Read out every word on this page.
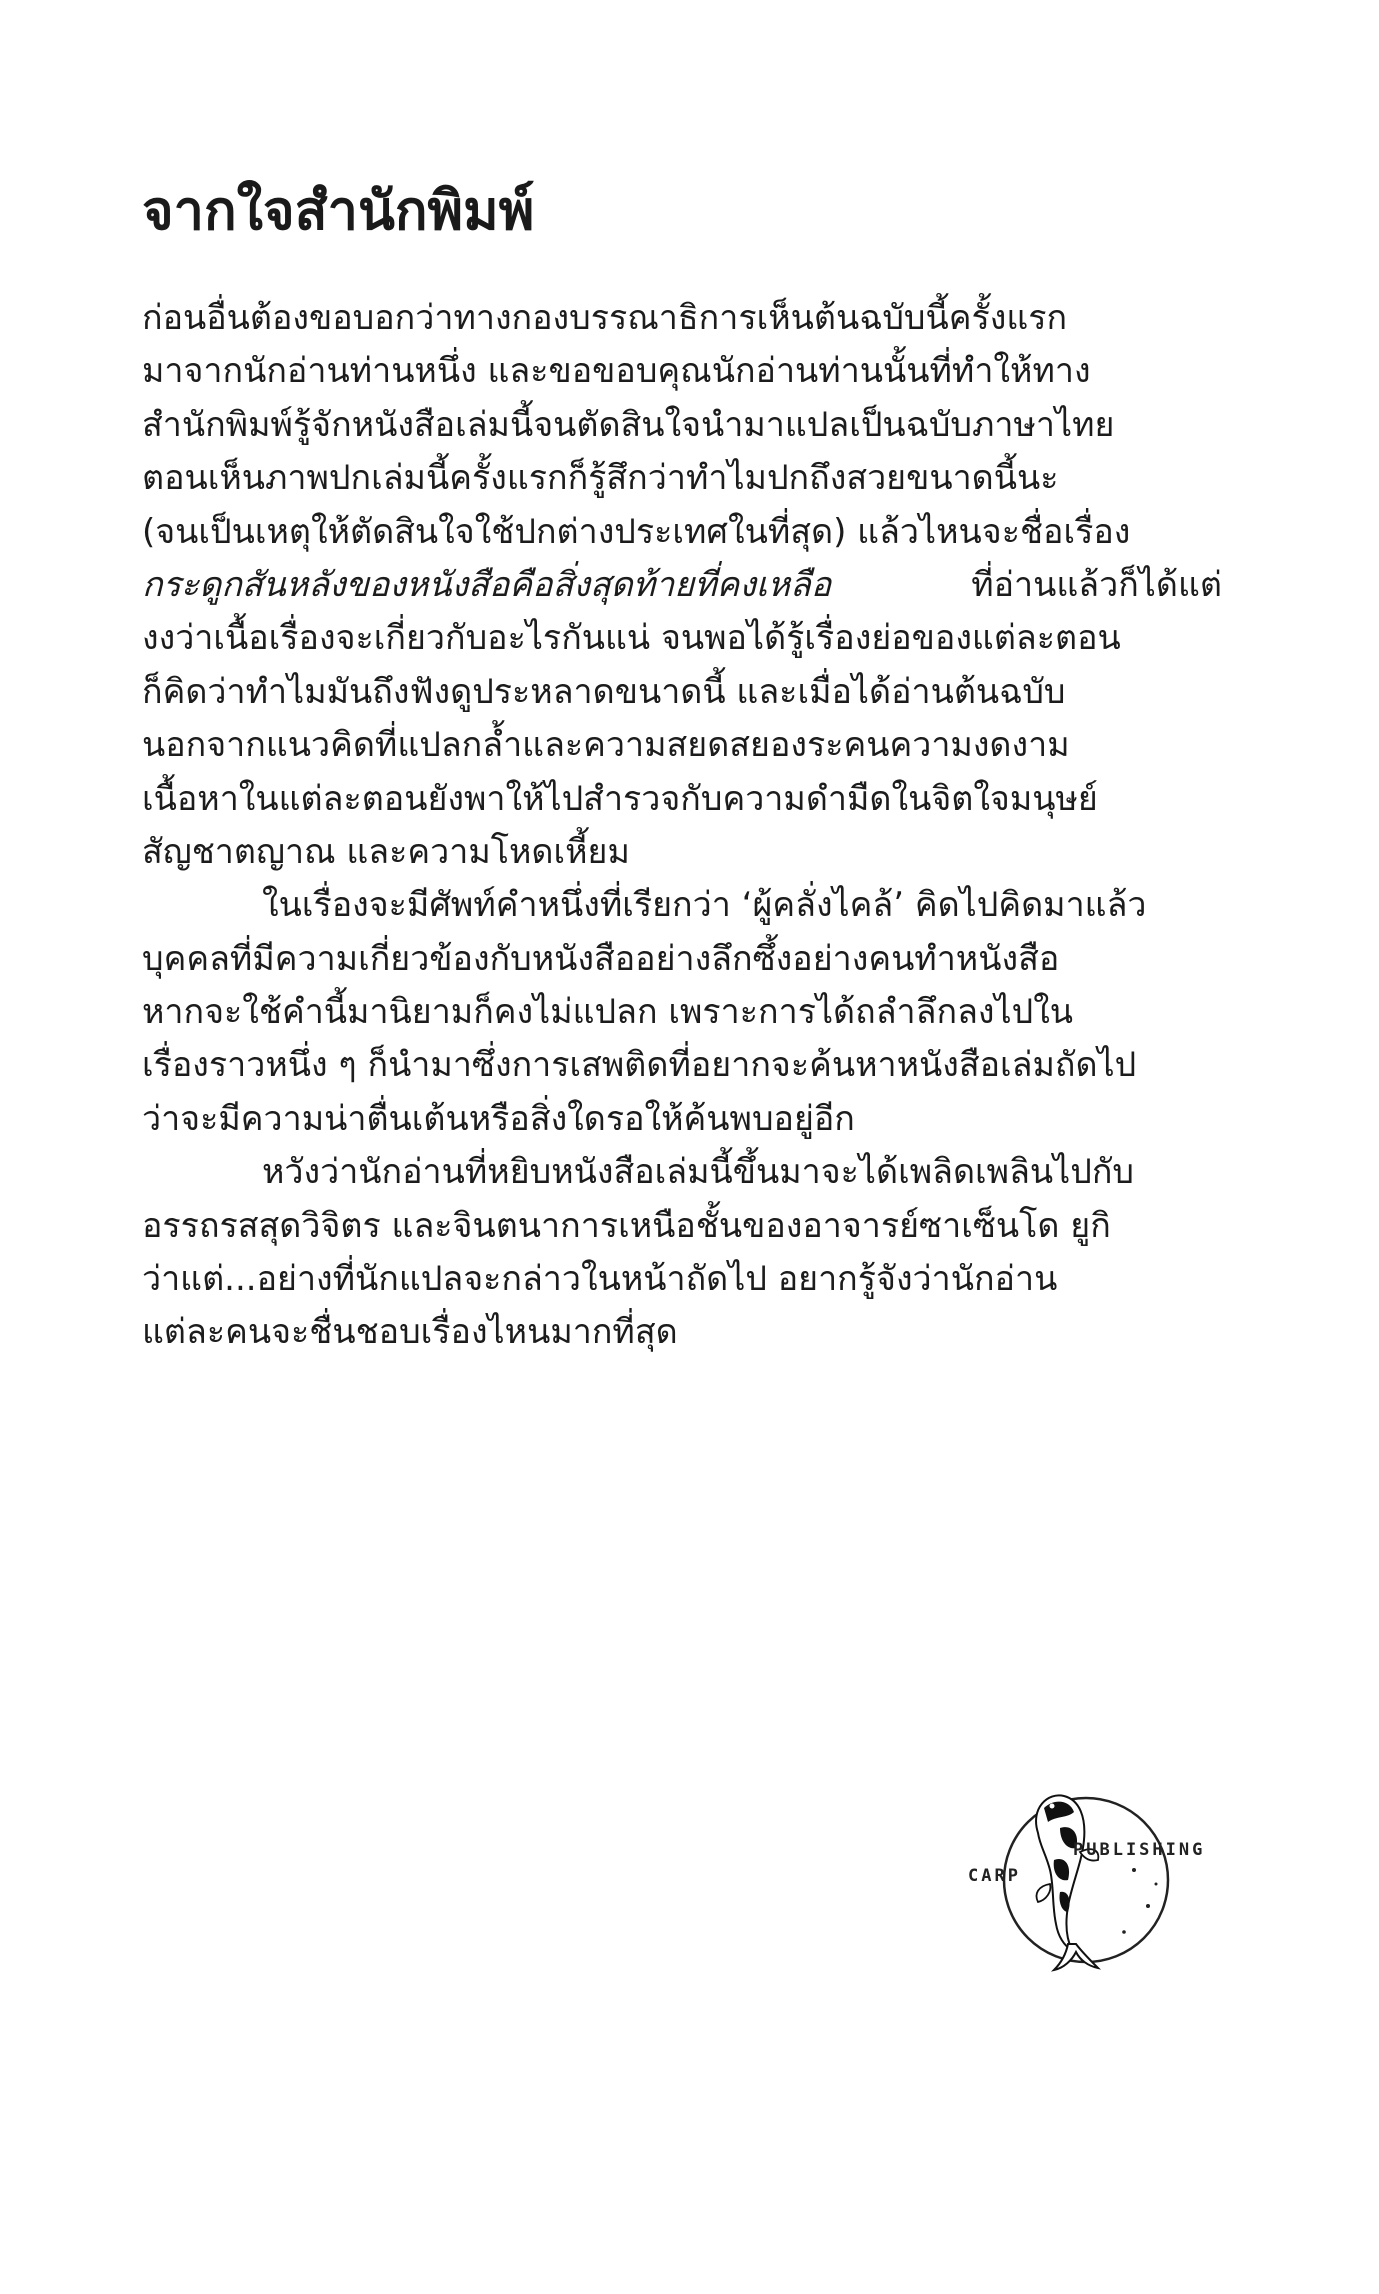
จากใจสำนักพิมพ์
ก่อนอื่นต้องขอบอกว่าทางกองบรรณาธิการเห็นต้นฉบับนี้ครั้งแรก
มาจากนักอ่านท่านหนึ่ง และขอขอบคุณนักอ่านท่านนั้นที่ทำให้ทาง
สำนักพิมพ์รู้จักหนังสือเล่มนี้จนตัดสินใจนำมาแปลเป็นฉบับภาษาไทย
ตอนเห็นภาพปกเล่มนี้ครั้งแรกก็รู้สึกว่าทำไมปกถึงสวยขนาดนี้นะ
(จนเป็นเหตุให้ตัดสินใจใช้ปกต่างประเทศในที่สุด) แล้วไหนจะชื่อเรื่อง
กระดูกสันหลังของหนังสือคือสิ่งสุดท้ายที่คงเหลือ	ที่อ่านแล้วก็ได้แต่
งงว่าเนื้อเรื่องจะเกี่ยวกับอะไรกันแน่ จนพอได้รู้เรื่องย่อของแต่ละตอน
ก็คิดว่าทำไมมันถึงฟังดูประหลาดขนาดนี้ และเมื่อได้อ่านต้นฉบับ
นอกจากแนวคิดที่แปลกล้ำและความสยดสยองระคนความงดงาม
เนื้อหาในแต่ละตอนยังพาให้ไปสำรวจกับความดำมืดในจิตใจมนุษย์
สัญชาตญาณ และความโหดเหี้ยม
ในเรื่องจะมีศัพท์คำหนึ่งที่เรียกว่า ‘ผู้คลั่งไคล้’ คิดไปคิดมาแล้ว
บุคคลที่มีความเกี่ยวข้องกับหนังสืออย่างลึกซึ้งอย่างคนทำหนังสือ
หากจะใช้คำนี้มานิยามก็คงไม่แปลก เพราะการได้ถลำลึกลงไปใน
เรื่องราวหนึ่ง ๆ ก็นำมาซึ่งการเสพติดที่อยากจะค้นหาหนังสือเล่มถัดไป
ว่าจะมีความน่าตื่นเต้นหรือสิ่งใดรอให้ค้นพบอยู่อีก
หวังว่านักอ่านที่หยิบหนังสือเล่มนี้ขึ้นมาจะได้เพลิดเพลินไปกับ
อรรถรสสุดวิจิตร และจินตนาการเหนือชั้นของอาจารย์ซาเซ็นโด ยูกิ
ว่าแต่...อย่างที่นักแปลจะกล่าวในหน้าถัดไป อยากรู้จังว่านักอ่าน
แต่ละคนจะชื่นชอบเรื่องไหนมากที่สุด
CARP
PUBLISHING
